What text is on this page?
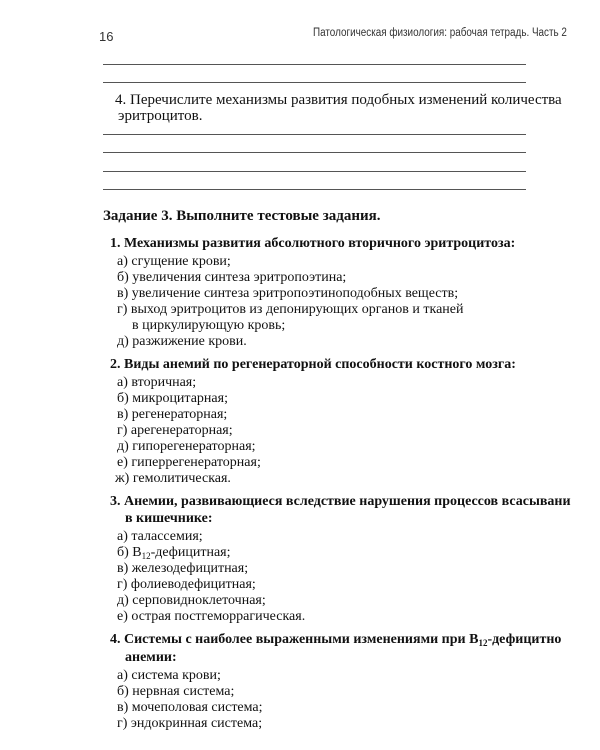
16	Патологическая физиология: рабочая тетрадь. Часть 2
4. Перечислите механизмы развития подобных изменений количества
эритроцитов.
Задание 3. Выполните тестовые задания.
1. Механизмы развития абсолютного вторичного эритроцитоза:
а) сгущение крови;
б) увеличения синтеза эритропоэтина;
в) увеличение синтеза эритропоэтиноподобных веществ;
г) выход эритроцитов из депонирующих органов и тканей
в циркулирующую кровь;
д) разжижение крови.
2. Виды анемий по регенераторной способности костного мозга:
а) вторичная;
б) микроцитарная;
в) регенераторная;
г) арегенераторная;
д) гипорегенераторная;
е) гиперрегенераторная;
ж) гемолитическая.
3. Анемии, развивающиеся вследствие нарушения процессов всасывани
в кишечнике:
а) талассемия;
б) $B_{12}$-дефицитная;
в) железодефицитная;
г) фолиеводефицитная;
д) серповидноклеточная;
е) острая постгеморрагическая.
4. Системы с наиболее выраженными изменениями при $B_{12}$-дефицитно
анемии:
а) система крови;
б) нервная система;
в) мочеполовая система;
г) эндокринная система;
